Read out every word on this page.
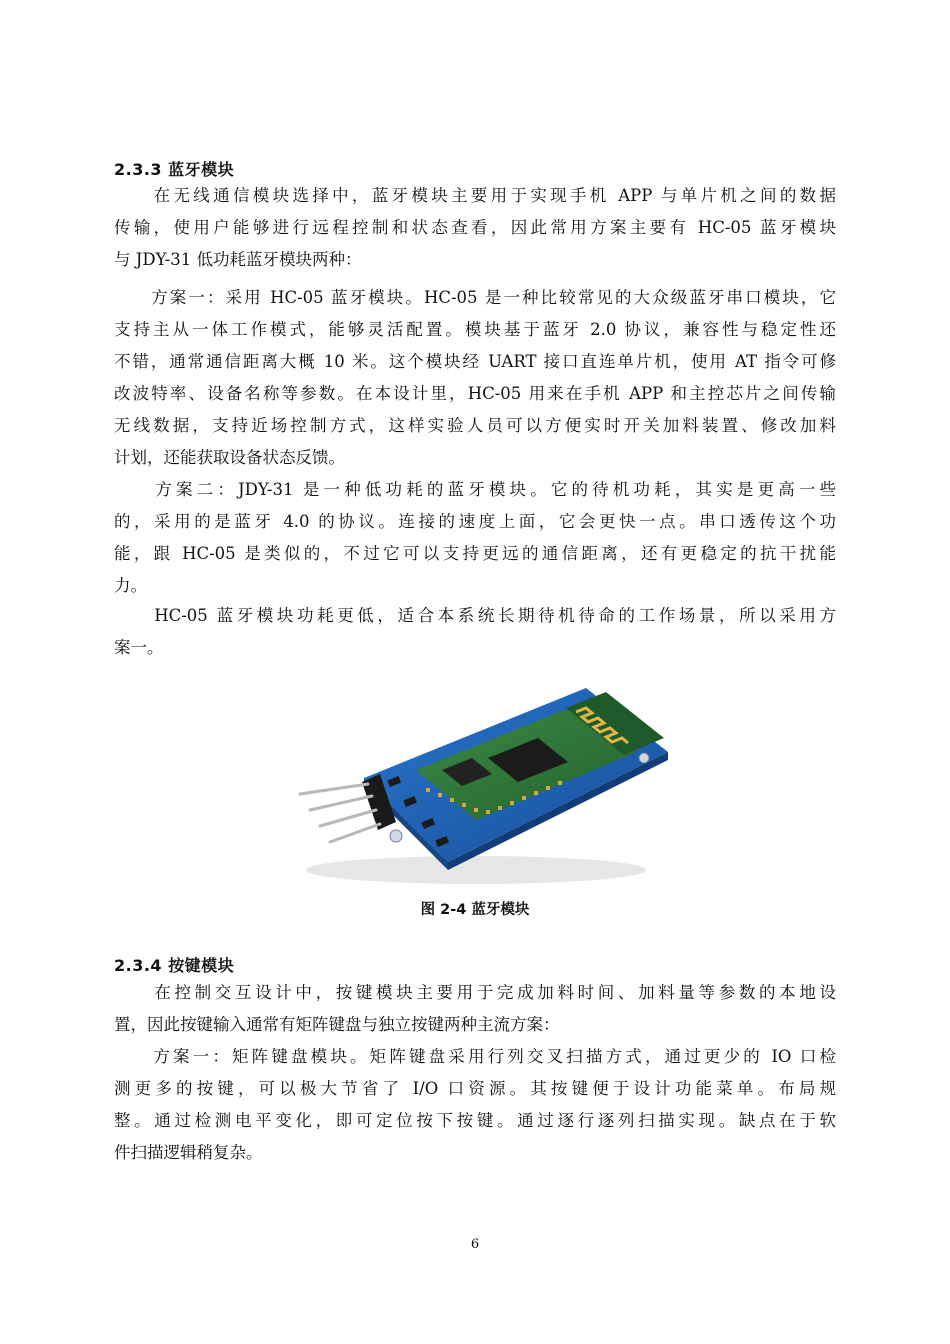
2.3.3 蓝牙模块
　　在无线通信模块选择中，蓝牙模块主要用于实现手机 APP 与单片机之间的数据
传输，使用户能够进行远程控制和状态查看，因此常用方案主要有 HC-05 蓝牙模块
与 JDY-31 低功耗蓝牙模块两种：
　　方案一：采用 HC-05 蓝牙模块。HC-05 是一种比较常见的大众级蓝牙串口模块，它
支持主从一体工作模式，能够灵活配置。模块基于蓝牙 2.0 协议，兼容性与稳定性还
不错，通常通信距离大概 10 米。这个模块经 UART 接口直连单片机，使用 AT 指令可修
改波特率、设备名称等参数。在本设计里，HC-05 用来在手机 APP 和主控芯片之间传输
无线数据，支持近场控制方式，这样实验人员可以方便实时开关加料装置、修改加料
计划，还能获取设备状态反馈。
　　方案二：JDY-31 是一种低功耗的蓝牙模块。它的待机功耗，其实是更高一些
的，采用的是蓝牙 4.0 的协议。连接的速度上面，它会更快一点。串口透传这个功
能，跟 HC-05 是类似的，不过它可以支持更远的通信距离，还有更稳定的抗干扰能
力。
　　HC-05 蓝牙模块功耗更低，适合本系统长期待机待命的工作场景，所以采用方
案一。
图 2-4 蓝牙模块
2.3.4 按键模块
　　在控制交互设计中，按键模块主要用于完成加料时间、加料量等参数的本地设
置，因此按键输入通常有矩阵键盘与独立按键两种主流方案：
　　方案一：矩阵键盘模块。矩阵键盘采用行列交叉扫描方式，通过更少的 IO 口检
测更多的按键，可以极大节省了 I/O 口资源。其按键便于设计功能菜单。布局规
整。通过检测电平变化，即可定位按下按键。通过逐行逐列扫描实现。缺点在于软
件扫描逻辑稍复杂。
6
